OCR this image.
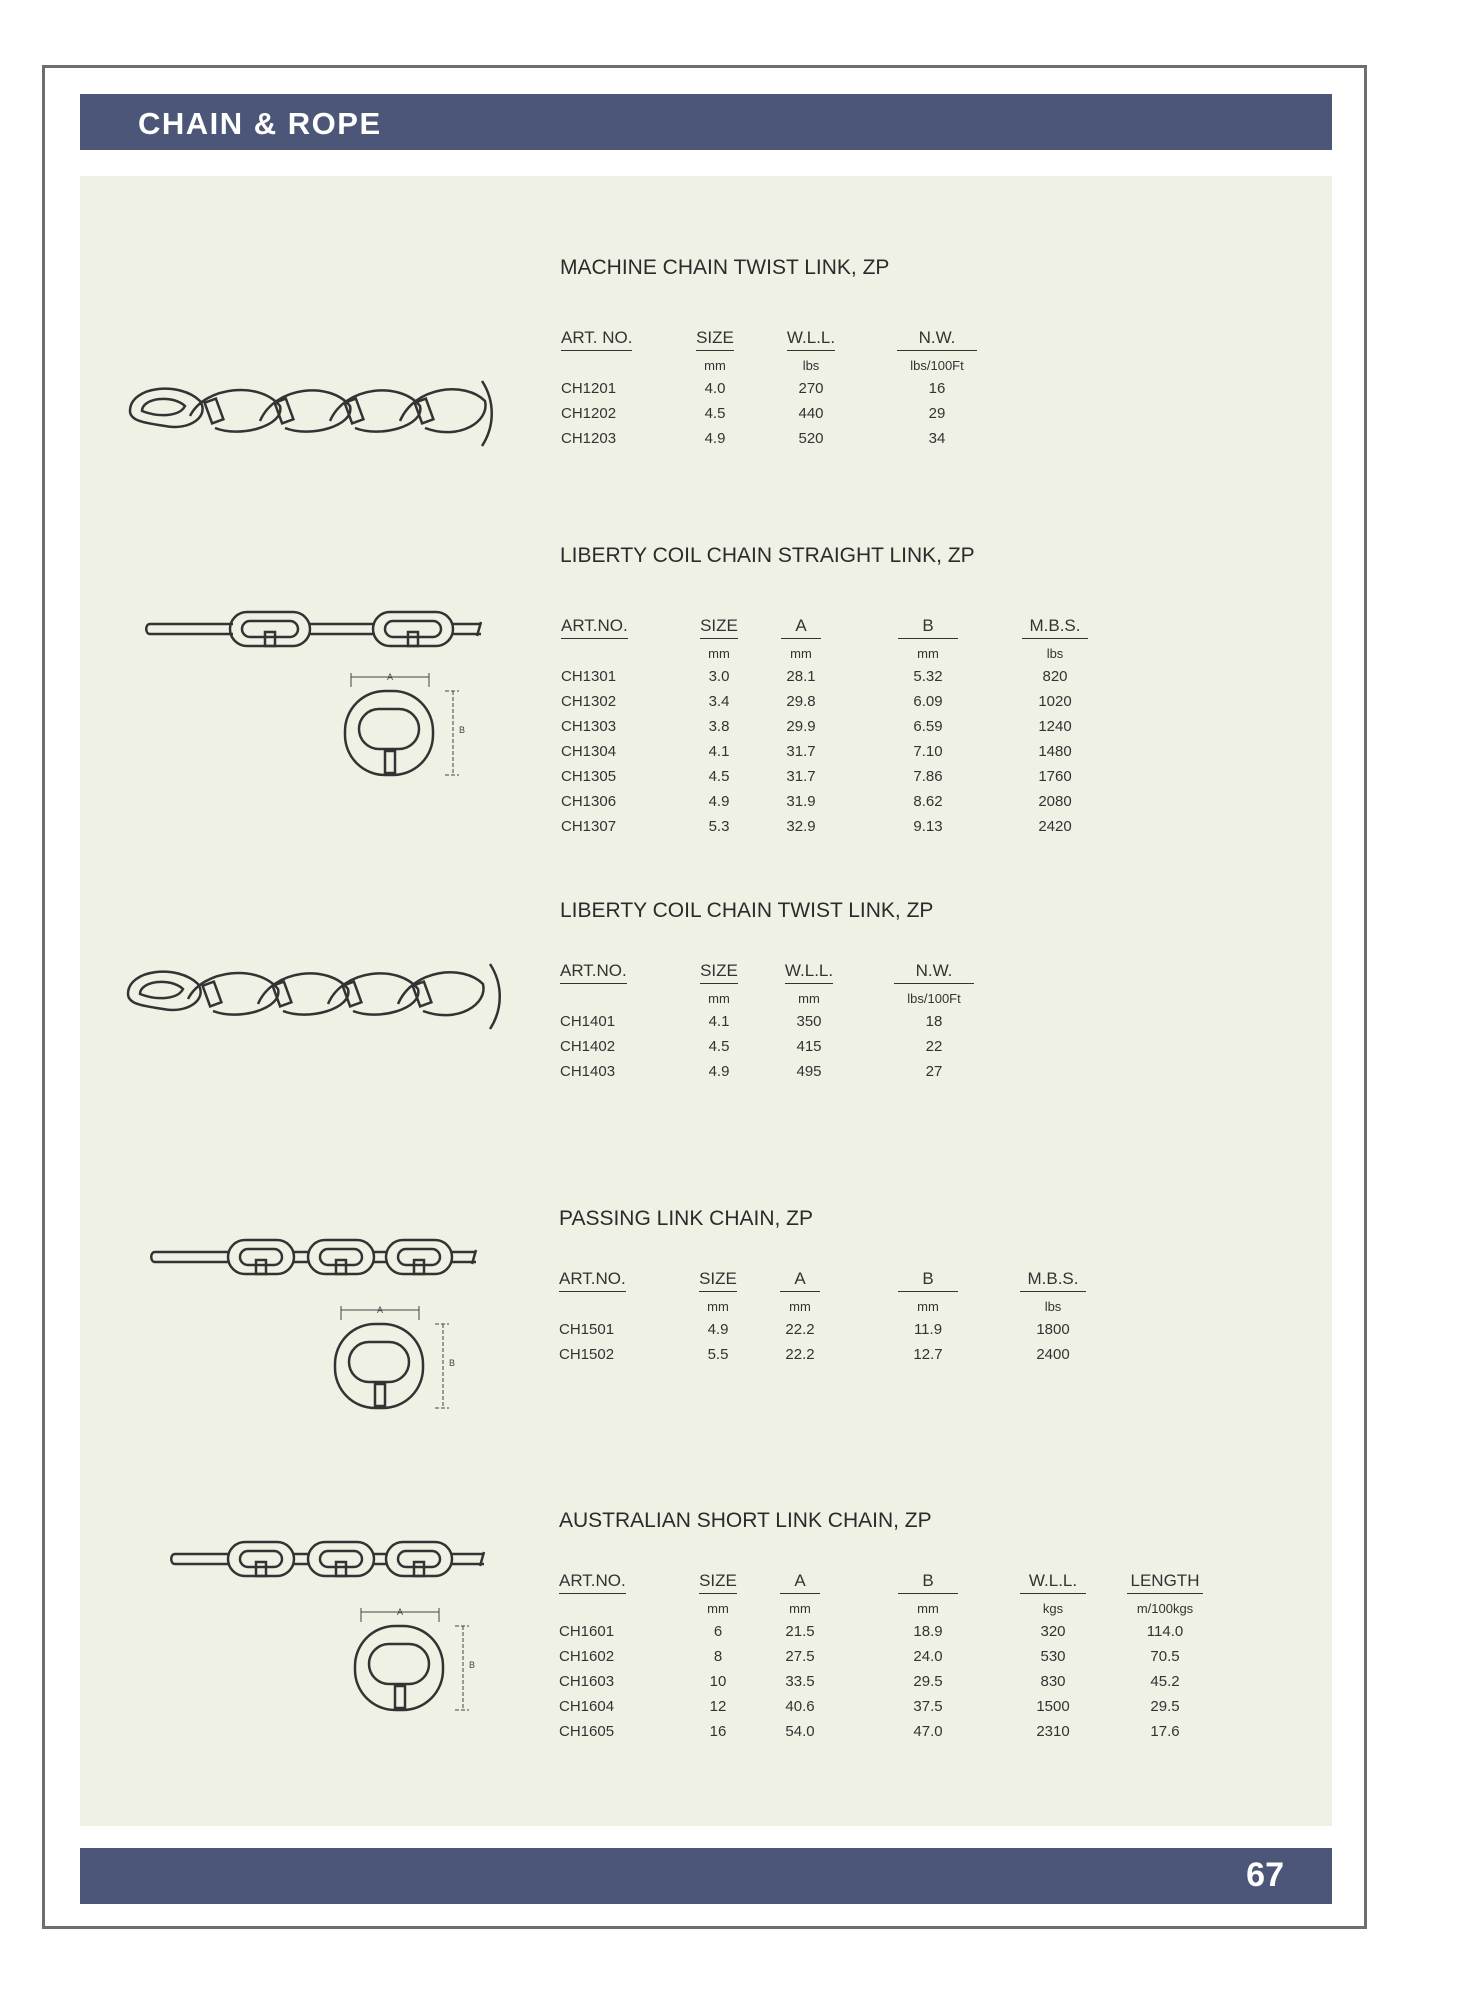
CHAIN & ROPE
MACHINE CHAIN TWIST LINK, ZP
ART. NO.
CH1201
CH1202
CH1203
SIZE
mm
4.0
4.5
4.9
W.L.L.
lbs
270
440
520
N.W.
lbs/100Ft
16
29
34
LIBERTY COIL CHAIN STRAIGHT LINK, ZP
A
B
ART.NO.
CH1301
CH1302
CH1303
CH1304
CH1305
CH1306
CH1307
SIZE
mm
3.0
3.4
3.8
4.1
4.5
4.9
5.3
A
mm
28.1
29.8
29.9
31.7
31.7
31.9
32.9
B
mm
5.32
6.09
6.59
7.10
7.86
8.62
9.13
M.B.S.
lbs
820
1020
1240
1480
1760
2080
2420
LIBERTY COIL CHAIN TWIST LINK, ZP
ART.NO.
CH1401
CH1402
CH1403
SIZE
mm
4.1
4.5
4.9
W.L.L.
mm
350
415
495
N.W.
lbs/100Ft
18
22
27
PASSING LINK CHAIN, ZP
A
B
ART.NO.
CH1501
CH1502
SIZE
mm
4.9
5.5
A
mm
22.2
22.2
B
mm
11.9
12.7
M.B.S.
lbs
1800
2400
AUSTRALIAN SHORT LINK CHAIN, ZP
A
B
ART.NO.
CH1601
CH1602
CH1603
CH1604
CH1605
SIZE
mm
6
8
10
12
16
A
mm
21.5
27.5
33.5
40.6
54.0
B
mm
18.9
24.0
29.5
37.5
47.0
W.L.L.
kgs
320
530
830
1500
2310
LENGTH
m/100kgs
114.0
70.5
45.2
29.5
17.6
67
